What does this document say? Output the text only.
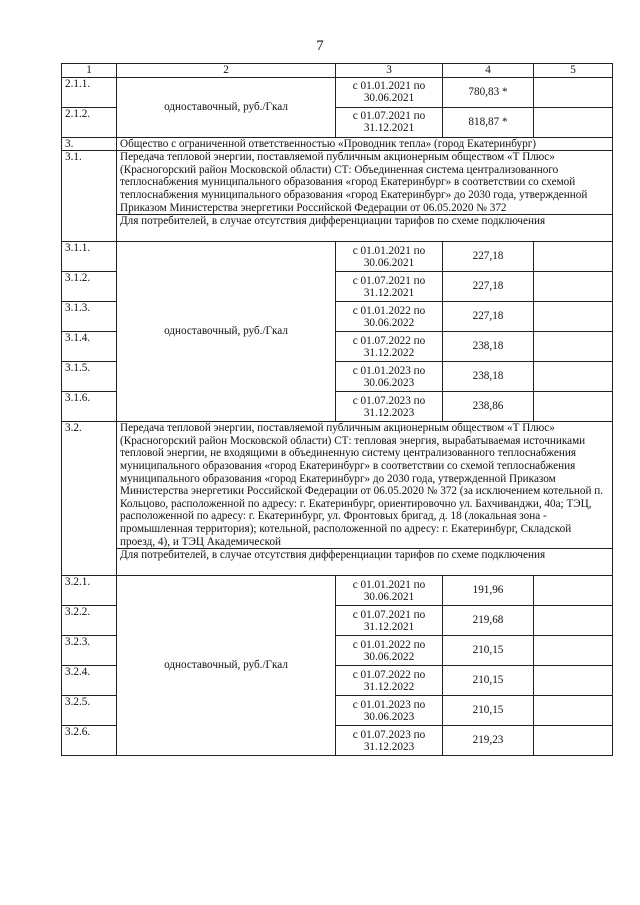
7
1	2	3	4	5
2.1.1.	одноставочный, руб./Гкал	с 01.01.2021 по 30.06.2021	780,83 *	
2.1.2.		с 01.07.2021 по 31.12.2021	818,87 *	
3.	Общество с ограниченной ответственностью «Проводник тепла» (город Екатеринбург)			
3.1.	Передача тепловой энергии, поставляемой публичным акционерным обществом «Т Плюс» (Красногорский район Московской области) СТ: Объединенная система централизованного теплоснабжения муниципального образования «город Екатеринбург» в соответствии со схемой теплоснабжения муниципального образования «город Екатеринбург» до 2030 года, утвержденной Приказом Министерства энергетики Российской Федерации от 06.05.2020 № 372			
	Для потребителей, в случае отсутствия дифференциации тарифов по схеме подключения			
3.1.1.	одноставочный, руб./Гкал	с 01.01.2021 по 30.06.2021	227,18	
3.1.2.		с 01.07.2021 по 31.12.2021	227,18	
3.1.3.		с 01.01.2022 по 30.06.2022	227,18	
3.1.4.		с 01.07.2022 по 31.12.2022	238,18	
3.1.5.		с 01.01.2023 по 30.06.2023	238,18	
3.1.6.		с 01.07.2023 по 31.12.2023	238,86	
3.2.	Передача тепловой энергии, поставляемой публичным акционерным обществом «Т Плюс» (Красногорский район Московской области) СТ: тепловая энергия, вырабатываемая источниками тепловой энергии, не входящими в объединенную систему централизованного теплоснабжения муниципального образования «город Екатеринбург» в соответствии со схемой теплоснабжения муниципального образования «город Екатеринбург» до 2030 года, утвержденной Приказом Министерства энергетики Российской Федерации от 06.05.2020 № 372 (за исключением котельной п. Кольцово, расположенной по адресу: г. Екатеринбург, ориентировочно ул. Бахчиванджи, 40а; ТЭЦ, расположенной по адресу: г. Екатеринбург, ул. Фронтовых бригад, д. 18 (локальная зона - промышленная территория); котельной, расположенной по адресу: г. Екатеринбург, Складской проезд, 4), и ТЭЦ Академической			
	Для потребителей, в случае отсутствия дифференциации тарифов по схеме подключения			
3.2.1.	одноставочный, руб./Гкал	с 01.01.2021 по 30.06.2021	191,96	
3.2.2.		с 01.07.2021 по 31.12.2021	219,68	
3.2.3.		с 01.01.2022 по 30.06.2022	210,15	
3.2.4.		с 01.07.2022 по 31.12.2022	210,15	
3.2.5.		с 01.01.2023 по 30.06.2023	210,15	
3.2.6.		с 01.07.2023 по 31.12.2023	219,23	
